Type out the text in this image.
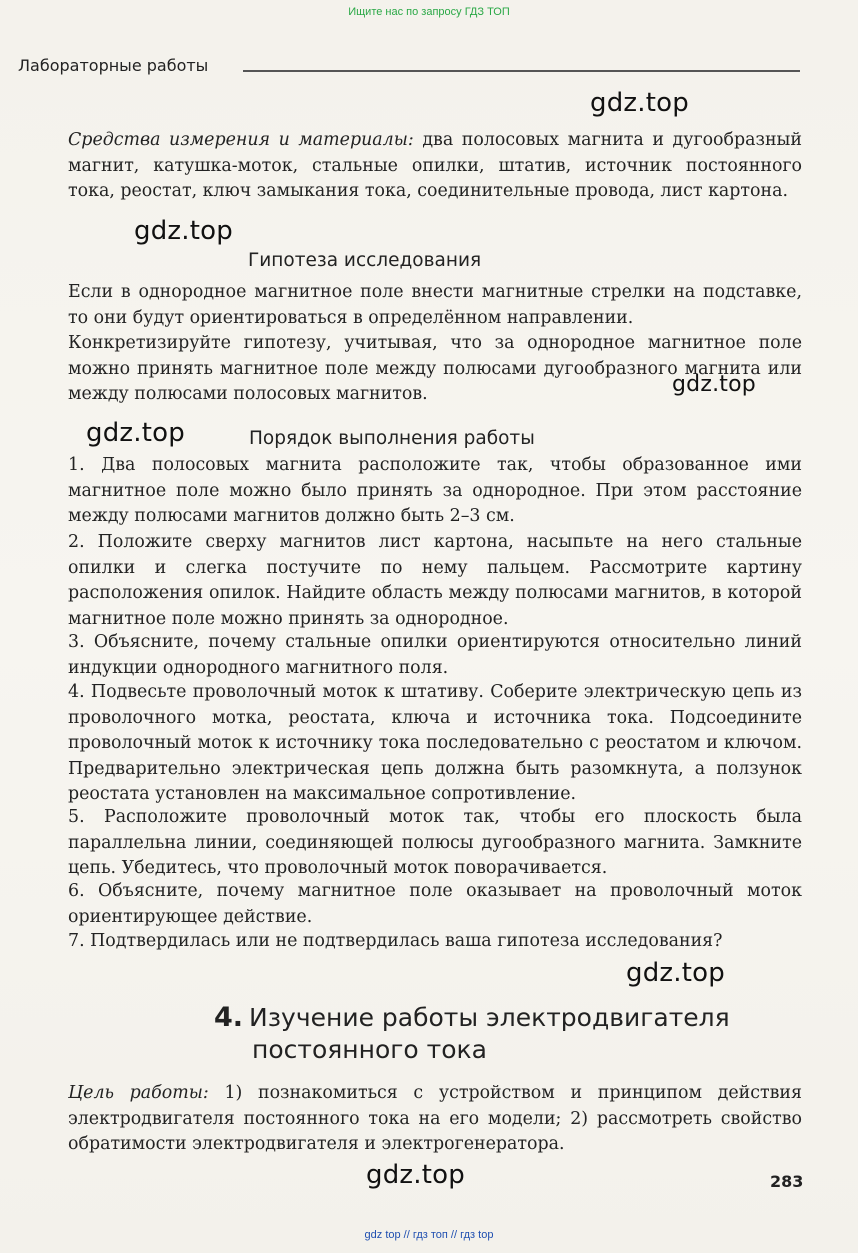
Ищите нас по запросу ГДЗ ТОП
Лабораторные работы
gdz.top

Средства измерения и материалы: два полосовых магнита и дугообразный магнит, катушка-моток, стальные опилки, штатив, источник постоянного тока, реостат, ключ замыкания тока, соединительные провода, лист картона.

gdz.top
Гипотеза исследования

Если в однородное магнитное поле внести магнитные стрелки на подставке, то они будут ориентироваться в определённом направлении.

Конкретизируйте гипотезу, учитывая, что за однородное магнитное поле можно принять магнитное поле между полюсами дугообразного магнита или между полюсами полосовых магнитов.	gdz.top
gdz.top	Порядок выполнения работы

1. Два полосовых магнита расположите так, чтобы образованное ими магнитное поле можно было принять за однородное. При этом расстояние между полюсами магнитов должно быть 2–3 см.

2. Положите сверху магнитов лист картона, насыпьте на него стальные опилки и слегка постучите по нему пальцем. Рассмотрите картину расположения опилок. Найдите область между полюсами магнитов, в которой магнитное поле можно принять за однородное.

3. Объясните, почему стальные опилки ориентируются относительно линий индукции однородного магнитного поля.

4. Подвесьте проволочный моток к штативу. Соберите электрическую цепь из проволочного мотка, реостата, ключа и источника тока. Подсоедините проволочный моток к источнику тока последовательно с реостатом и ключом. Предварительно электрическая цепь должна быть разомкнута, а ползунок реостата установлен на максимальное сопротивление.

5. Расположите проволочный моток так, чтобы его плоскость была параллельна линии, соединяющей полюсы дугообразного магнита. Замкните цепь. Убедитесь, что проволочный моток поворачивается.

6. Объясните, почему магнитное поле оказывает на проволочный моток ориентирующее действие.

7. Подтвердилась или не подтвердилась ваша гипотеза исследования?

gdz.top
4. Изучение работы электродвигателя
постоянного тока

Цель работы: 1) познакомиться с устройством и принципом действия электродвигателя постоянного тока на его модели; 2) рассмотреть свойство обратимости электродвигателя и электрогенератора.

gdz.top	283
gdz top // гдз топ // гдз top
